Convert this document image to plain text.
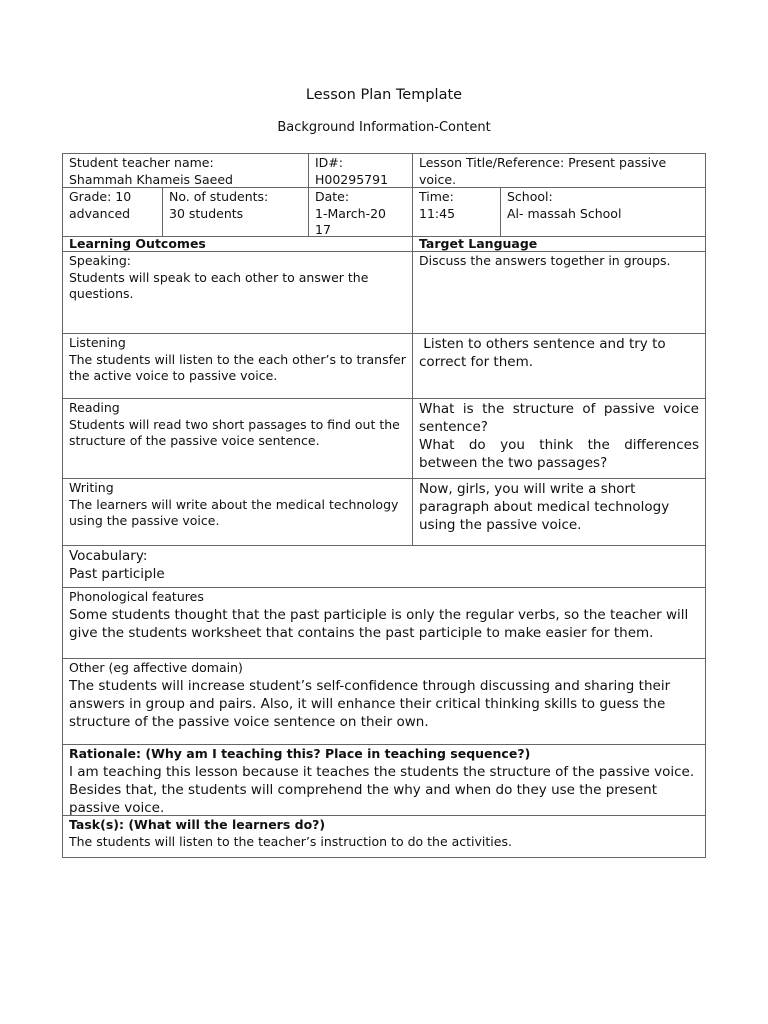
Lesson Plan Template
Background Information-Content
Student teacher name:
Shammah Khameis Saeed
ID#:
H00295791
Lesson Title/Reference: Present passive voice.
Grade: 10 advanced
No. of students:
30 students
Date:
1-March-2017
Time:
11:45
School:
Al- massah School
Learning Outcomes	Target Language
Speaking:
Students will speak to each other to answer the questions.
Discuss the answers together in groups.
Listening
The students will listen to the each other’s to transfer the active voice to passive voice.
Listen to others sentence and try to correct for them.
Reading
Students will read two short passages to find out the structure of the passive voice sentence.
What is the structure of passive voice sentence?
What do you think the differences between the two passages?
Writing
The learners will write about the medical technology using the passive voice.
Now, girls, you will write a short paragraph about medical technology using the passive voice.
Vocabulary:
Past participle
Phonological features
Some students thought that the past participle is only the regular verbs, so the teacher will give the students worksheet that contains the past participle to make easier for them.
Other (eg affective domain)
The students will increase student’s self-confidence through discussing and sharing their answers in group and pairs. Also, it will enhance their critical thinking skills to guess the structure of the passive voice sentence on their own.
Rationale: (Why am I teaching this? Place in teaching sequence?)
I am teaching this lesson because it teaches the students the structure of the passive voice. Besides that, the students will comprehend the why and when do they use the present passive voice.
Task(s): (What will the learners do?)
The students will listen to the teacher’s instruction to do the activities.
